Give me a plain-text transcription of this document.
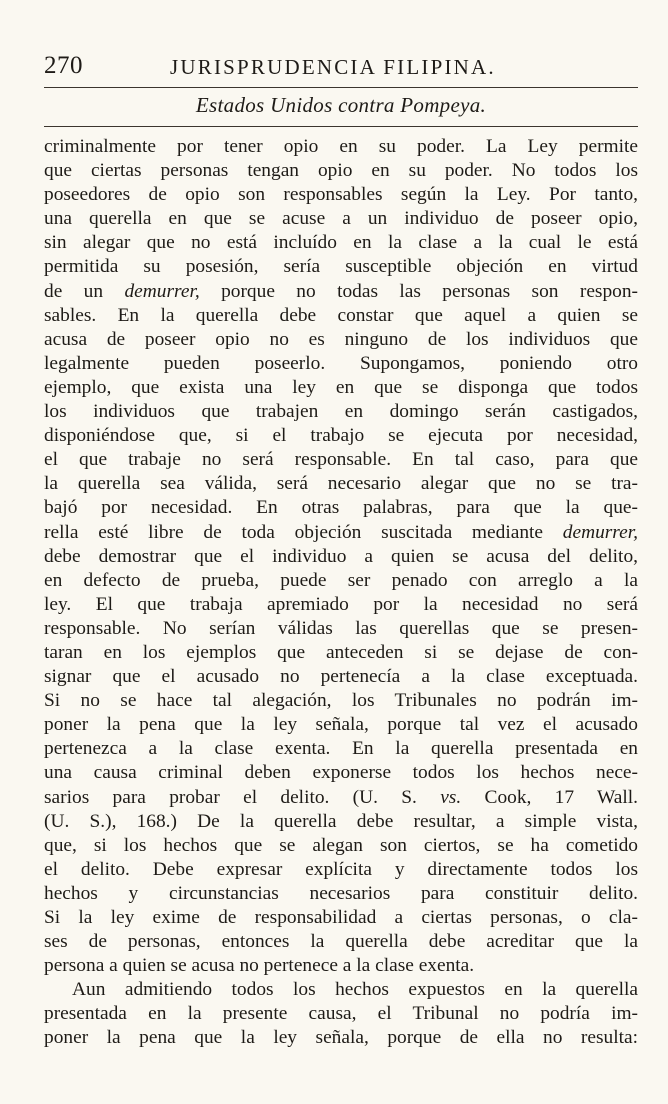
270	JURISPRUDENCIA FILIPINA.
Estados Unidos contra Pompeya.
criminalmente por tener opio en su poder. La Ley permite
que ciertas personas tengan opio en su poder. No todos los
poseedores de opio son responsables según la Ley. Por tanto,
una querella en que se acuse a un individuo de poseer opio,
sin alegar que no está incluído en la clase a la cual le está
permitida su posesión, sería susceptible objeción en virtud
de un demurrer, porque no todas las personas son respon-
sables. En la querella debe constar que aquel a quien se
acusa de poseer opio no es ninguno de los individuos que
legalmente pueden poseerlo. Supongamos, poniendo otro
ejemplo, que exista una ley en que se disponga que todos
los individuos que trabajen en domingo serán castigados,
disponiéndose que, si el trabajo se ejecuta por necesidad,
el que trabaje no será responsable. En tal caso, para que
la querella sea válida, será necesario alegar que no se tra-
bajó por necesidad. En otras palabras, para que la que-
rella esté libre de toda objeción suscitada mediante demurrer,
debe demostrar que el individuo a quien se acusa del delito,
en defecto de prueba, puede ser penado con arreglo a la
ley. El que trabaja apremiado por la necesidad no será
responsable. No serían válidas las querellas que se presen-
taran en los ejemplos que anteceden si se dejase de con-
signar que el acusado no pertenecía a la clase exceptuada.
Si no se hace tal alegación, los Tribunales no podrán im-
poner la pena que la ley señala, porque tal vez el acusado
pertenezca a la clase exenta. En la querella presentada en
una causa criminal deben exponerse todos los hechos nece-
sarios para probar el delito. (U. S. vs. Cook, 17 Wall.
(U. S.), 168.) De la querella debe resultar, a simple vista,
que, si los hechos que se alegan son ciertos, se ha cometido
el delito. Debe expresar explícita y directamente todos los
hechos y circunstancias necesarios para constituir delito.
Si la ley exime de responsabilidad a ciertas personas, o cla-
ses de personas, entonces la querella debe acreditar que la
persona a quien se acusa no pertenece a la clase exenta.
Aun admitiendo todos los hechos expuestos en la querella
presentada en la presente causa, el Tribunal no podría im-
poner la pena que la ley señala, porque de ella no resulta:
